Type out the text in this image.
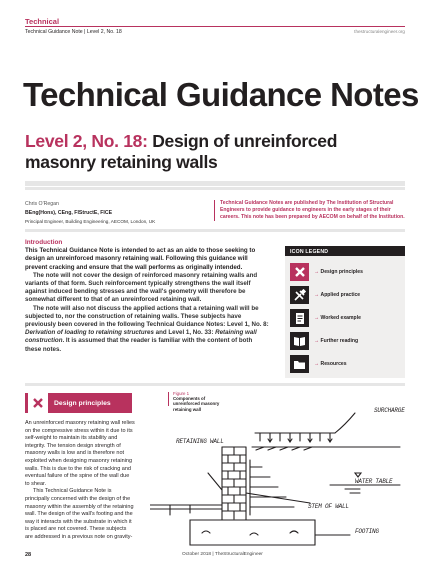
Technical
Technical Guidance Note | Level 2, No. 18	thestructuralengineer.org
Technical Guidance Notes
Level 2, No. 18: Design of unreinforced masonry retaining walls
Chris O'Regan
BEng(Hons), CEng, FIStructE, FICE
Principal Engineer, Building Engineering, AECOM, London, UK
Technical Guidance Notes are published by The Institution of Structural Engineers to provide guidance to engineers in the early stages of their careers. This note has been prepared by AECOM on behalf of the Institution.
Introduction

This Technical Guidance Note is intended to act as an aide to those seeking to design an unreinforced masonry retaining wall. Following this guidance will prevent cracking and ensure that the wall performs as originally intended.

The note will not cover the design of reinforced masonry retaining walls and variants of that form. Such reinforcement typically strengthens the wall itself against induced bending stresses and the wall's geometry will therefore be somewhat different to that of an unreinforced retaining wall.

The note will also not discuss the applied actions that a retaining wall will be subjected to, nor the construction of retaining walls. These subjects have previously been covered in the following Technical Guidance Notes: Level 1, No. 8: Derivation of loading to retaining structures and Level 1, No. 33: Retaining wall construction. It is assumed that the reader is familiar with the content of both these notes.

ICON LEGEND
→ Design principles
→ Applied practice
→ Worked example
→ Further reading
→ Resources
Design principles

An unreinforced masonry retaining wall relies on the compressive stress within it due to its self-weight to maintain its stability and integrity. The tension design strength of masonry walls is low and is therefore not exploited when designing masonry retaining walls. This is due to the risk of cracking and eventual failure of the spine of the wall due to shear.

This Technical Guidance Note is principally concerned with the design of the masonry within the assembly of the retaining wall. The design of the wall's footing and the way it interacts with the substrate in which it is placed are not covered. These subjects are addressed in a previous note on gravity-

SURCHARGE
RETAINING WALL
WATER TABLE
STEM OF WALL
FOOTING
Figure 1
Components of unreinforced masonry retaining wall
28	October 2018 | TheStructuralEngineer
